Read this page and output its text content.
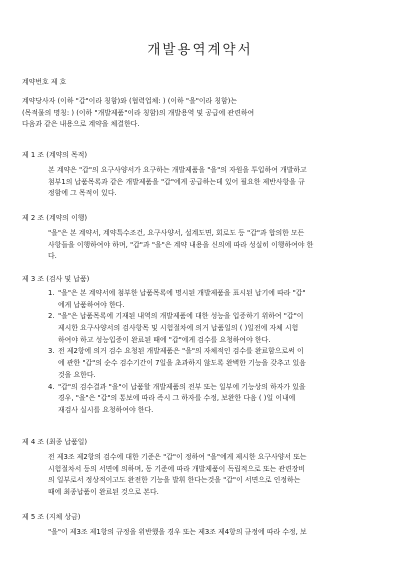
개발용역계약서
계약번호 제 호
계약당사자 (이하 "갑"이라 칭함)와 (협력업체: ) (이하 "을"이라 칭함)는
(목적물의 명칭: ) (이하 "개발제품"이라 칭함)의 개발용역 및 공급에 관련하여
다음과 같은 내용으로 계약을 체결한다.
제 1 조 (계약의 목적)
본 계약은 "갑"의 요구사양서가 요구하는 개발제품을 "을"의 자원을 투입하여 개발하고
첨부1의 납품목록과 같은 개발제품을 "갑"에게 공급하는데 있어 필요한 제반사항을 규
정함에 그 목적이 있다.
제 2 조 (계약의 이행)
"을"은 본 계약서, 계약특수조건, 요구사양서, 설계도면, 회로도 등 "갑"과 합의한 모든
사항들을 이행하여야 하며, "갑"과 "을"은 계약 내용을 신의에 따라 성실히 이행하여야 한
다.
제 3 조 (검사 및 납품)
1. "을"은 본 계약서에 첨부한 납품목록에 명시된 개발제품을 표시된 납기에 따라 "갑"
에게 납품하여야 한다.
2. "을"은 납품목록에 기재된 내역의 개발제품에 대한 성능을 입증하기 위하여 "갑"이
제시한 요구사양서의 검사항목 및 시험절차에 의거 납품일의 ( )일전에 자체 시험
하여야 하고 성능입증이 완료된 때에 "갑"에게 검수를 요청하여야 한다.
3. 전 제2항에 의거 검수 요청된 개발제품은 "을"의 자체적인 검수를 완료함으로써 이
에 관한 "갑"의 순수 검수기간이 7일을 초과하지 않도록 완벽한 기능을 갖추고 있음
것을 요한다.
4. "갑"의 검수결과 "을"이 납품할 개발제품의 전부 또는 일부에 기능상의 하자가 있을
경우, "을"은 "갑"의 통보에 따라 즉시 그 하자를 수정, 보완한 다음 ( )일 이내에
재검사 실시를 요청하여야 한다.
제 4 조 (최종 납품일)
전 제3조 제2항의 검수에 대한 기준은 "갑"이 정하여 "을"에게 제시한 요구사양서 또는
시험절차서 등의 서면에 의하며, 동 기준에 따라 개발제품이 독립적으로 또는 관련장비
의 일부로서 정상적이고도 완전한 기능을 발휘 한다는것을 "갑"이 서면으로 인정하는
때에 최종납품이 완료된 것으로 본다.
제 5 조 (지체 상금)
"을"이 제3조 제1항의 규정을 위반했을 경우 또는 제3조 제4항의 규정에 따라 수정, 보
